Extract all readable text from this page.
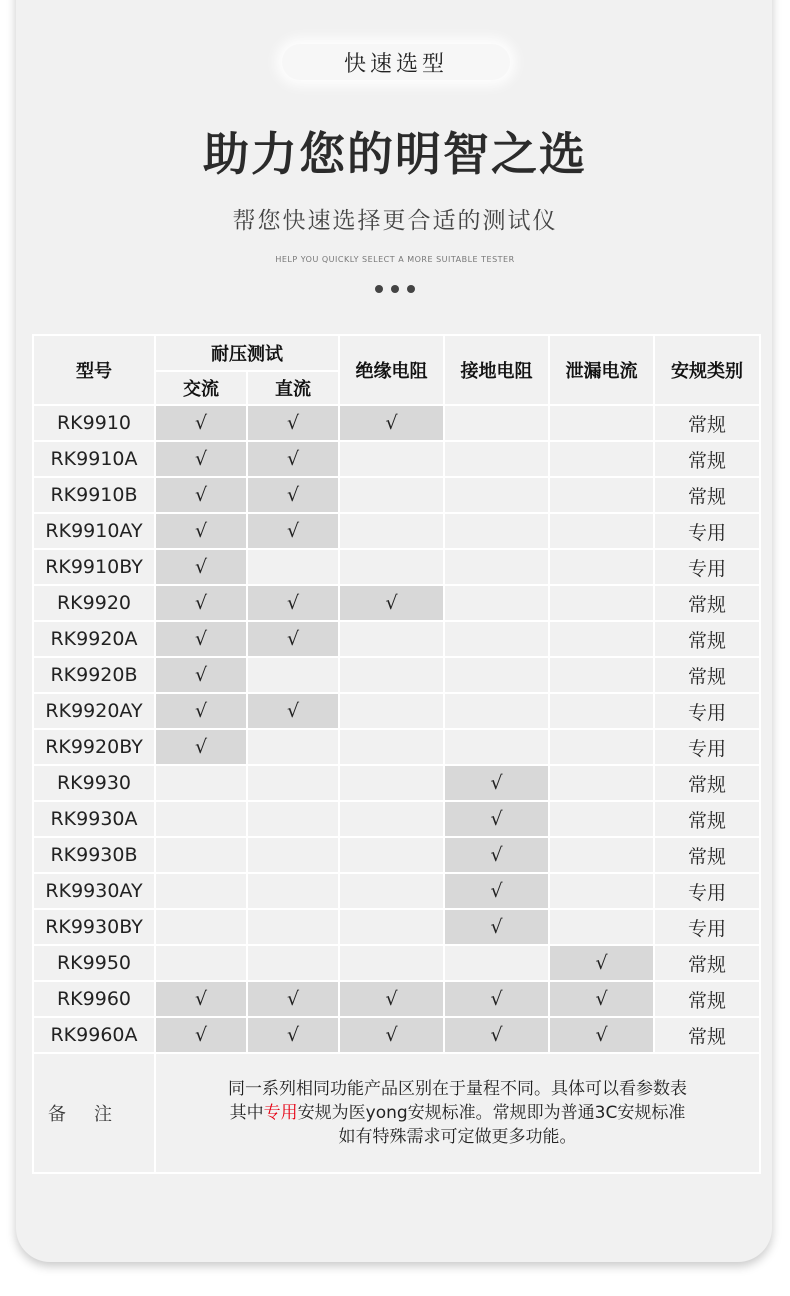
快速选型
助力您的明智之选
帮您快速选择更合适的测试仪
HELP YOU QUICKLY SELECT A MORE SUITABLE TESTER
型号	耐压测试		绝缘电阻	接地电阻	泄漏电流	安规类别
	交流	直流				
RK9910	√	√	√			常规
RK9910A	√	√				常规
RK9910B	√	√				常规
RK9910AY	√	√				专用
RK9910BY	√					专用
RK9920	√	√	√			常规
RK9920A	√	√				常规
RK9920B	√					常规
RK9920AY	√	√				专用
RK9920BY	√					专用
RK9930				√		常规
RK9930A				√		常规
RK9930B				√		常规
RK9930AY				√		专用
RK9930BY				√		专用
RK9950					√	常规
RK9960	√	√	√	√	√	常规
RK9960A	√	√	√	√	√	常规
备注	同一系列相同功能产品区别在于量程不同。具体可以看参数表
其中专用安规为医yong安规标准。常规即为普通3C安规标准
如有特殊需求可定做更多功能。					
